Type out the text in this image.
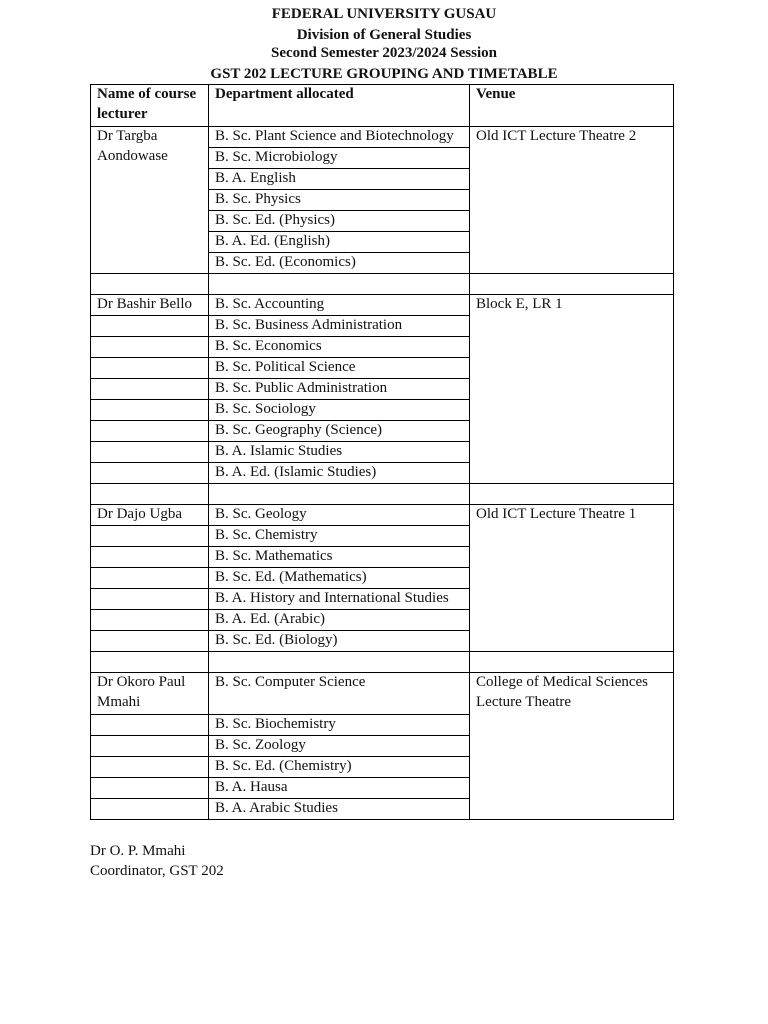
FEDERAL UNIVERSITY GUSAU
Division of General Studies
Second Semester 2023/2024 Session
GST 202 LECTURE GROUPING AND TIMETABLE
Name of course lecturer	Department allocated	Venue
Dr Targba Aondowase	B. Sc. Plant Science and Biotechnology	Old ICT Lecture Theatre 2
	B. Sc. Microbiology	
	B. A. English	
	B. Sc. Physics	
	B. Sc. Ed. (Physics)	
	B. A. Ed. (English)	
	B. Sc. Ed. (Economics)	

Dr Bashir Bello	B. Sc. Accounting	Block E, LR 1
	B. Sc. Business Administration	
	B. Sc. Economics	
	B. Sc. Political Science	
	B. Sc. Public Administration	
	B. Sc. Sociology	
	B. Sc. Geography (Science)	
	B. A. Islamic Studies	
	B. A. Ed. (Islamic Studies)	

Dr Dajo Ugba	B. Sc. Geology	Old ICT Lecture Theatre 1
	B. Sc. Chemistry	
	B. Sc. Mathematics	
	B. Sc. Ed. (Mathematics)	
	B. A. History and International Studies	
	B. A. Ed. (Arabic)	
	B. Sc. Ed. (Biology)	

Dr Okoro Paul Mmahi	B. Sc. Computer Science	College of Medical Sciences Lecture Theatre
	B. Sc. Biochemistry	
	B. Sc. Zoology	
	B. Sc. Ed. (Chemistry)	
	B. A. Hausa	
	B. A. Arabic Studies	
Dr O. P. Mmahi
Coordinator, GST 202
